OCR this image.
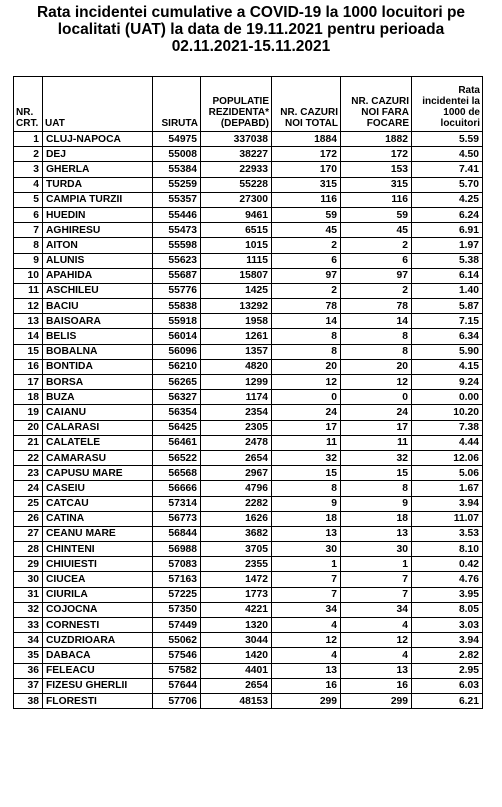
Rata incidentei cumulative a COVID-19 la 1000 locuitori pe
localitati (UAT) la data de 19.11.2021 pentru perioada
02.11.2021-15.11.2021
NR. CRT.	UAT	SIRUTA	POPULATIE REZIDENTA* (DEPABD)	NR. CAZURI NOI TOTAL	NR. CAZURI NOI FARA FOCARE	Rata incidentei la 1000 de locuitori
1	CLUJ-NAPOCA	54975	337038	1884	1882	5.59
2	DEJ	55008	38227	172	172	4.50
3	GHERLA	55384	22933	170	153	7.41
4	TURDA	55259	55228	315	315	5.70
5	CAMPIA TURZII	55357	27300	116	116	4.25
6	HUEDIN	55446	9461	59	59	6.24
7	AGHIRESU	55473	6515	45	45	6.91
8	AITON	55598	1015	2	2	1.97
9	ALUNIS	55623	1115	6	6	5.38
10	APAHIDA	55687	15807	97	97	6.14
11	ASCHILEU	55776	1425	2	2	1.40
12	BACIU	55838	13292	78	78	5.87
13	BAISOARA	55918	1958	14	14	7.15
14	BELIS	56014	1261	8	8	6.34
15	BOBALNA	56096	1357	8	8	5.90
16	BONTIDA	56210	4820	20	20	4.15
17	BORSA	56265	1299	12	12	9.24
18	BUZA	56327	1174	0	0	0.00
19	CAIANU	56354	2354	24	24	10.20
20	CALARASI	56425	2305	17	17	7.38
21	CALATELE	56461	2478	11	11	4.44
22	CAMARASU	56522	2654	32	32	12.06
23	CAPUSU MARE	56568	2967	15	15	5.06
24	CASEIU	56666	4796	8	8	1.67
25	CATCAU	57314	2282	9	9	3.94
26	CATINA	56773	1626	18	18	11.07
27	CEANU MARE	56844	3682	13	13	3.53
28	CHINTENI	56988	3705	30	30	8.10
29	CHIUIESTI	57083	2355	1	1	0.42
30	CIUCEA	57163	1472	7	7	4.76
31	CIURILA	57225	1773	7	7	3.95
32	COJOCNA	57350	4221	34	34	8.05
33	CORNESTI	57449	1320	4	4	3.03
34	CUZDRIOARA	55062	3044	12	12	3.94
35	DABACA	57546	1420	4	4	2.82
36	FELEACU	57582	4401	13	13	2.95
37	FIZESU GHERLII	57644	2654	16	16	6.03
38	FLORESTI	57706	48153	299	299	6.21
